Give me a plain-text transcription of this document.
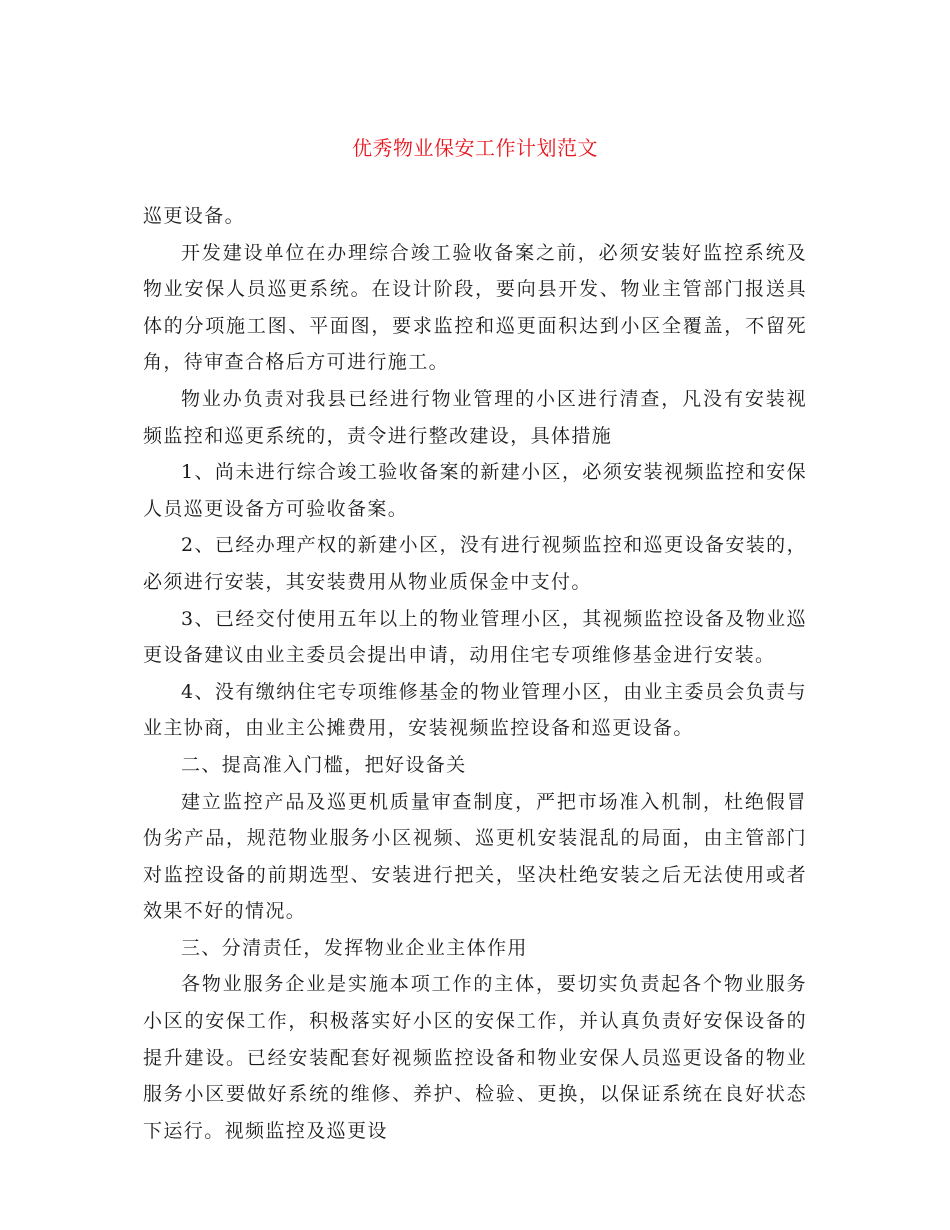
优秀物业保安工作计划范文

巡更设备。

开发建设单位在办理综合竣工验收备案之前，必须安装好监控系统及物业安保人员巡更系统。在设计阶段，要向县开发、物业主管部门报送具体的分项施工图、平面图，要求监控和巡更面积达到小区全覆盖，不留死角，待审查合格后方可进行施工。

物业办负责对我县已经进行物业管理的小区进行清查，凡没有安装视频监控和巡更系统的，责令进行整改建设，具体措施

1、尚未进行综合竣工验收备案的新建小区，必须安装视频监控和安保人员巡更设备方可验收备案。

2、已经办理产权的新建小区，没有进行视频监控和巡更设备安装的，必须进行安装，其安装费用从物业质保金中支付。

3、已经交付使用五年以上的物业管理小区，其视频监控设备及物业巡更设备建议由业主委员会提出申请，动用住宅专项维修基金进行安装。

4、没有缴纳住宅专项维修基金的物业管理小区，由业主委员会负责与业主协商，由业主公摊费用，安装视频监控设备和巡更设备。

二、提高准入门槛，把好设备关

建立监控产品及巡更机质量审查制度，严把市场准入机制，杜绝假冒伪劣产品，规范物业服务小区视频、巡更机安装混乱的局面，由主管部门对监控设备的前期选型、安装进行把关，坚决杜绝安装之后无法使用或者效果不好的情况。

三、分清责任，发挥物业企业主体作用

各物业服务企业是实施本项工作的主体，要切实负责起各个物业服务小区的安保工作，积极落实好小区的安保工作，并认真负责好安保设备的提升建设。已经安装配套好视频监控设备和物业安保人员巡更设备的物业服务小区要做好系统的维修、养护、检验、更换，以保证系统在良好状态下运行。视频监控及巡更设
